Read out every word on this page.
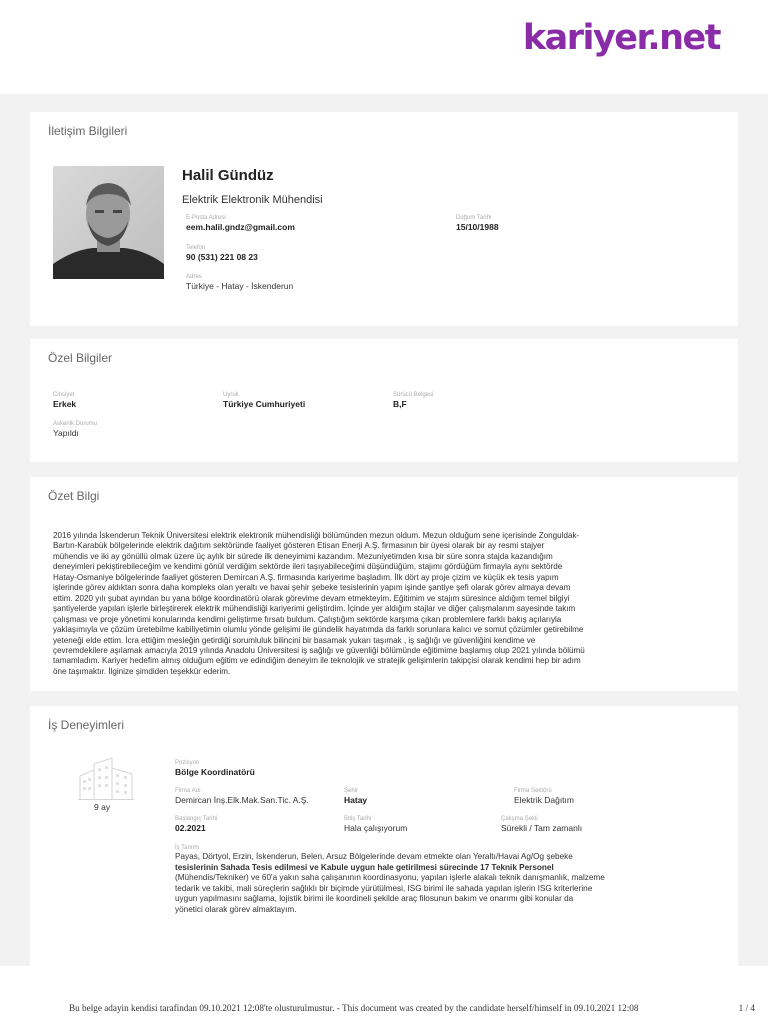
kariyer.net
İletişim Bilgileri
Halil Gündüz
Elektrik Elektronik Mühendisi
E-Posta Adresi
eem.halil.gndz@gmail.com
Doğum Tarihi
15/10/1988
Telefon
90 (531) 221 08 23
Adres
Türkiye - Hatay - İskenderun
Özel Bilgiler
Cinsiyet
Erkek
Uyruk
Türkiye Cumhuriyeti
Sürücü Belgesi
B,F
Askerlik Durumu
Yapıldı
Özet Bilgi
2016 yılında İskenderun Teknik Üniversitesi elektrik elektronik mühendisliği bölümünden mezun oldum. Mezun olduğum sene içerisinde Zonguldak-
Bartın-Karabük bölgelerinde elektrik dağıtım sektöründe faaliyet gösteren Etisan Enerji A.Ş. firmasının bir üyesi olarak bir ay resmi stajyer
mühendis ve iki ay gönüllü olmak üzere üç aylık bir sürede ilk deneyimimi kazandım. Mezuniyetimden kısa bir süre sonra stajda kazandığım
deneyimleri pekiştirebileceğim ve kendimi gönül verdiğim sektörde ileri taşıyabileceğimi düşündüğüm, stajımı gördüğüm firmayla aynı sektörde
Hatay-Osmaniye bölgelerinde faaliyet gösteren Demircan A.Ş. firmasında kariyerime başladım. İlk dört ay proje çizim ve küçük ek tesis yapım
işlerinde görev aldıktan sonra daha kompleks olan yeraltı ve havai şehir şebeke tesislerinin yapım işinde şantiye şefi olarak görev almaya devam
ettim. 2020 yılı şubat ayından bu yana bölge koordinatörü olarak görevime devam etmekteyim. Eğitimim ve stajım süresince aldığım temel bilgiyi
şantiyelerde yapılan işlerle birleştirerek elektrik mühendisliği kariyerimi geliştirdim. İçinde yer aldığım stajlar ve diğer çalışmalarım sayesinde takım
çalışması ve proje yönetimi konularında kendimi geliştirme fırsatı buldum. Çalıştığım sektörde karşıma çıkan problemlere farklı bakış açılarıyla
yaklaşımıyla ve çözüm üretebilme kabiliyetimin olumlu yönde gelişimi ile gündelik hayatımda da farklı sorunlara kalıcı ve somut çözümler getirebilme
yeteneği elde ettim. İcra ettiğim mesleğin getirdiği sorumluluk bilincini bir basamak yukarı taşımak , iş sağlığı ve güvenliğini kendime ve
çevremdekilere aşılamak amacıyla 2019 yılında Anadolu Üniversitesi iş sağlığı ve güvenliği bölümünde eğitimime başlamış olup 2021 yılında bölümü
tamamladım. Kariyer hedefim almış olduğum eğitim ve edindiğim deneyim ile teknolojik ve stratejik gelişimlerin takipçisi olarak kendimi hep bir adım
öne taşımaktır. İlginize şimdiden teşekkür ederim.
İş Deneyimleri
9 ay
Pozisyon
Bölge Koordinatörü
Firma Adı
Demircan İnş.Elk.Mak.San.Tic. A.Ş.
Şehir
Hatay
Firma Sektörü
Elektrik Dağıtım
Başlangıç Tarihi
02.2021
Bitiş Tarihi
Hala çalışıyorum
Çalışma Şekli
Sürekli / Tam zamanlı
İş Tanımı
Payas, Dörtyol, Erzin, İskenderun, Belen, Arsuz Bölgelerinde devam etmekte olan Yeraltı/Havai Ag/Og şebeke
tesislerinin Sahada Tesis edilmesi ve Kabule uygun hale getirilmesi sürecinde 17 Teknik Personel
(Mühendis/Tekniker) ve 60'a yakın saha çalışanının koordinasyonu, yapılan işlerle alakalı teknik danışmanlık, malzeme
tedarik ve takibi, mali süreçlerin sağlıklı bir biçimde yürütülmesi, ISG birimi ile sahada yapılan işlerin ISG kriterlerine
uygun yapılmasını sağlama, lojistik birimi ile koordineli şekilde araç filosunun bakım ve onarımı gibi konular da
yönetici olarak görev almaktayım.
Bu belge adayin kendisi tarafindan 09.10.2021 12:08'te olusturulmustur. - This document was created by the candidate herself/himself in 09.10.2021 12:08	1 / 4
